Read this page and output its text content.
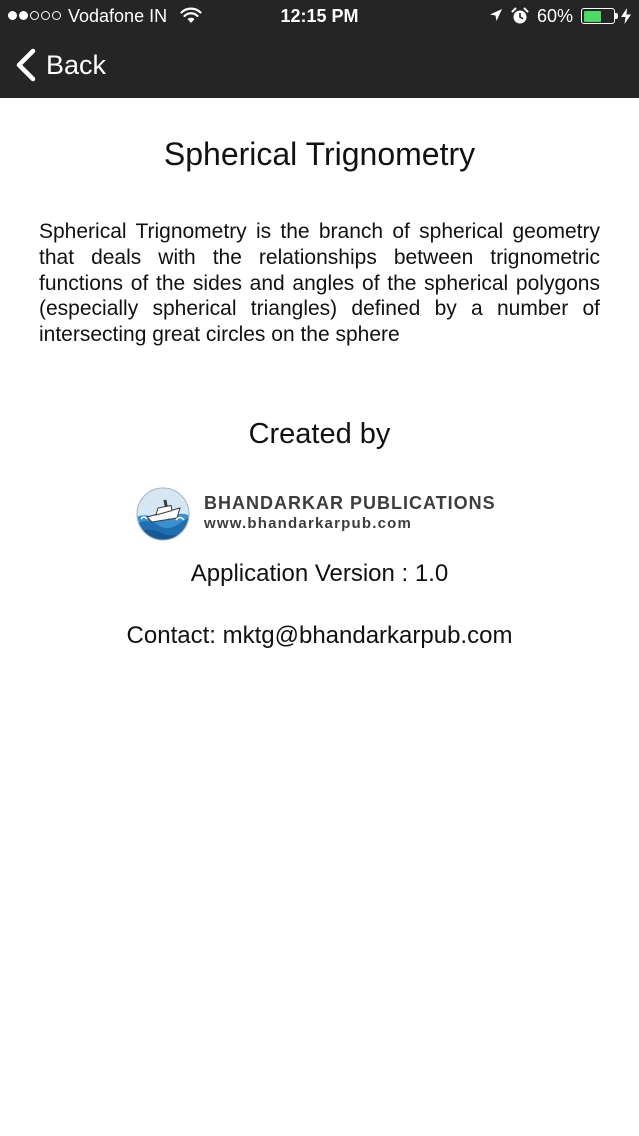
Vodafone IN	12:15 PM	60%
Back
Spherical Trignometry

Spherical Trignometry is the branch of spherical geometry that deals with the relationships between trignometric functions of the sides and angles of the spherical polygons (especially spherical triangles) defined by a number of intersecting great circles on the sphere

Created by
BHANDARKAR PUBLICATIONS
www.bhandarkarpub.com
Application Version : 1.0
Contact: mktg@bhandarkarpub.com
